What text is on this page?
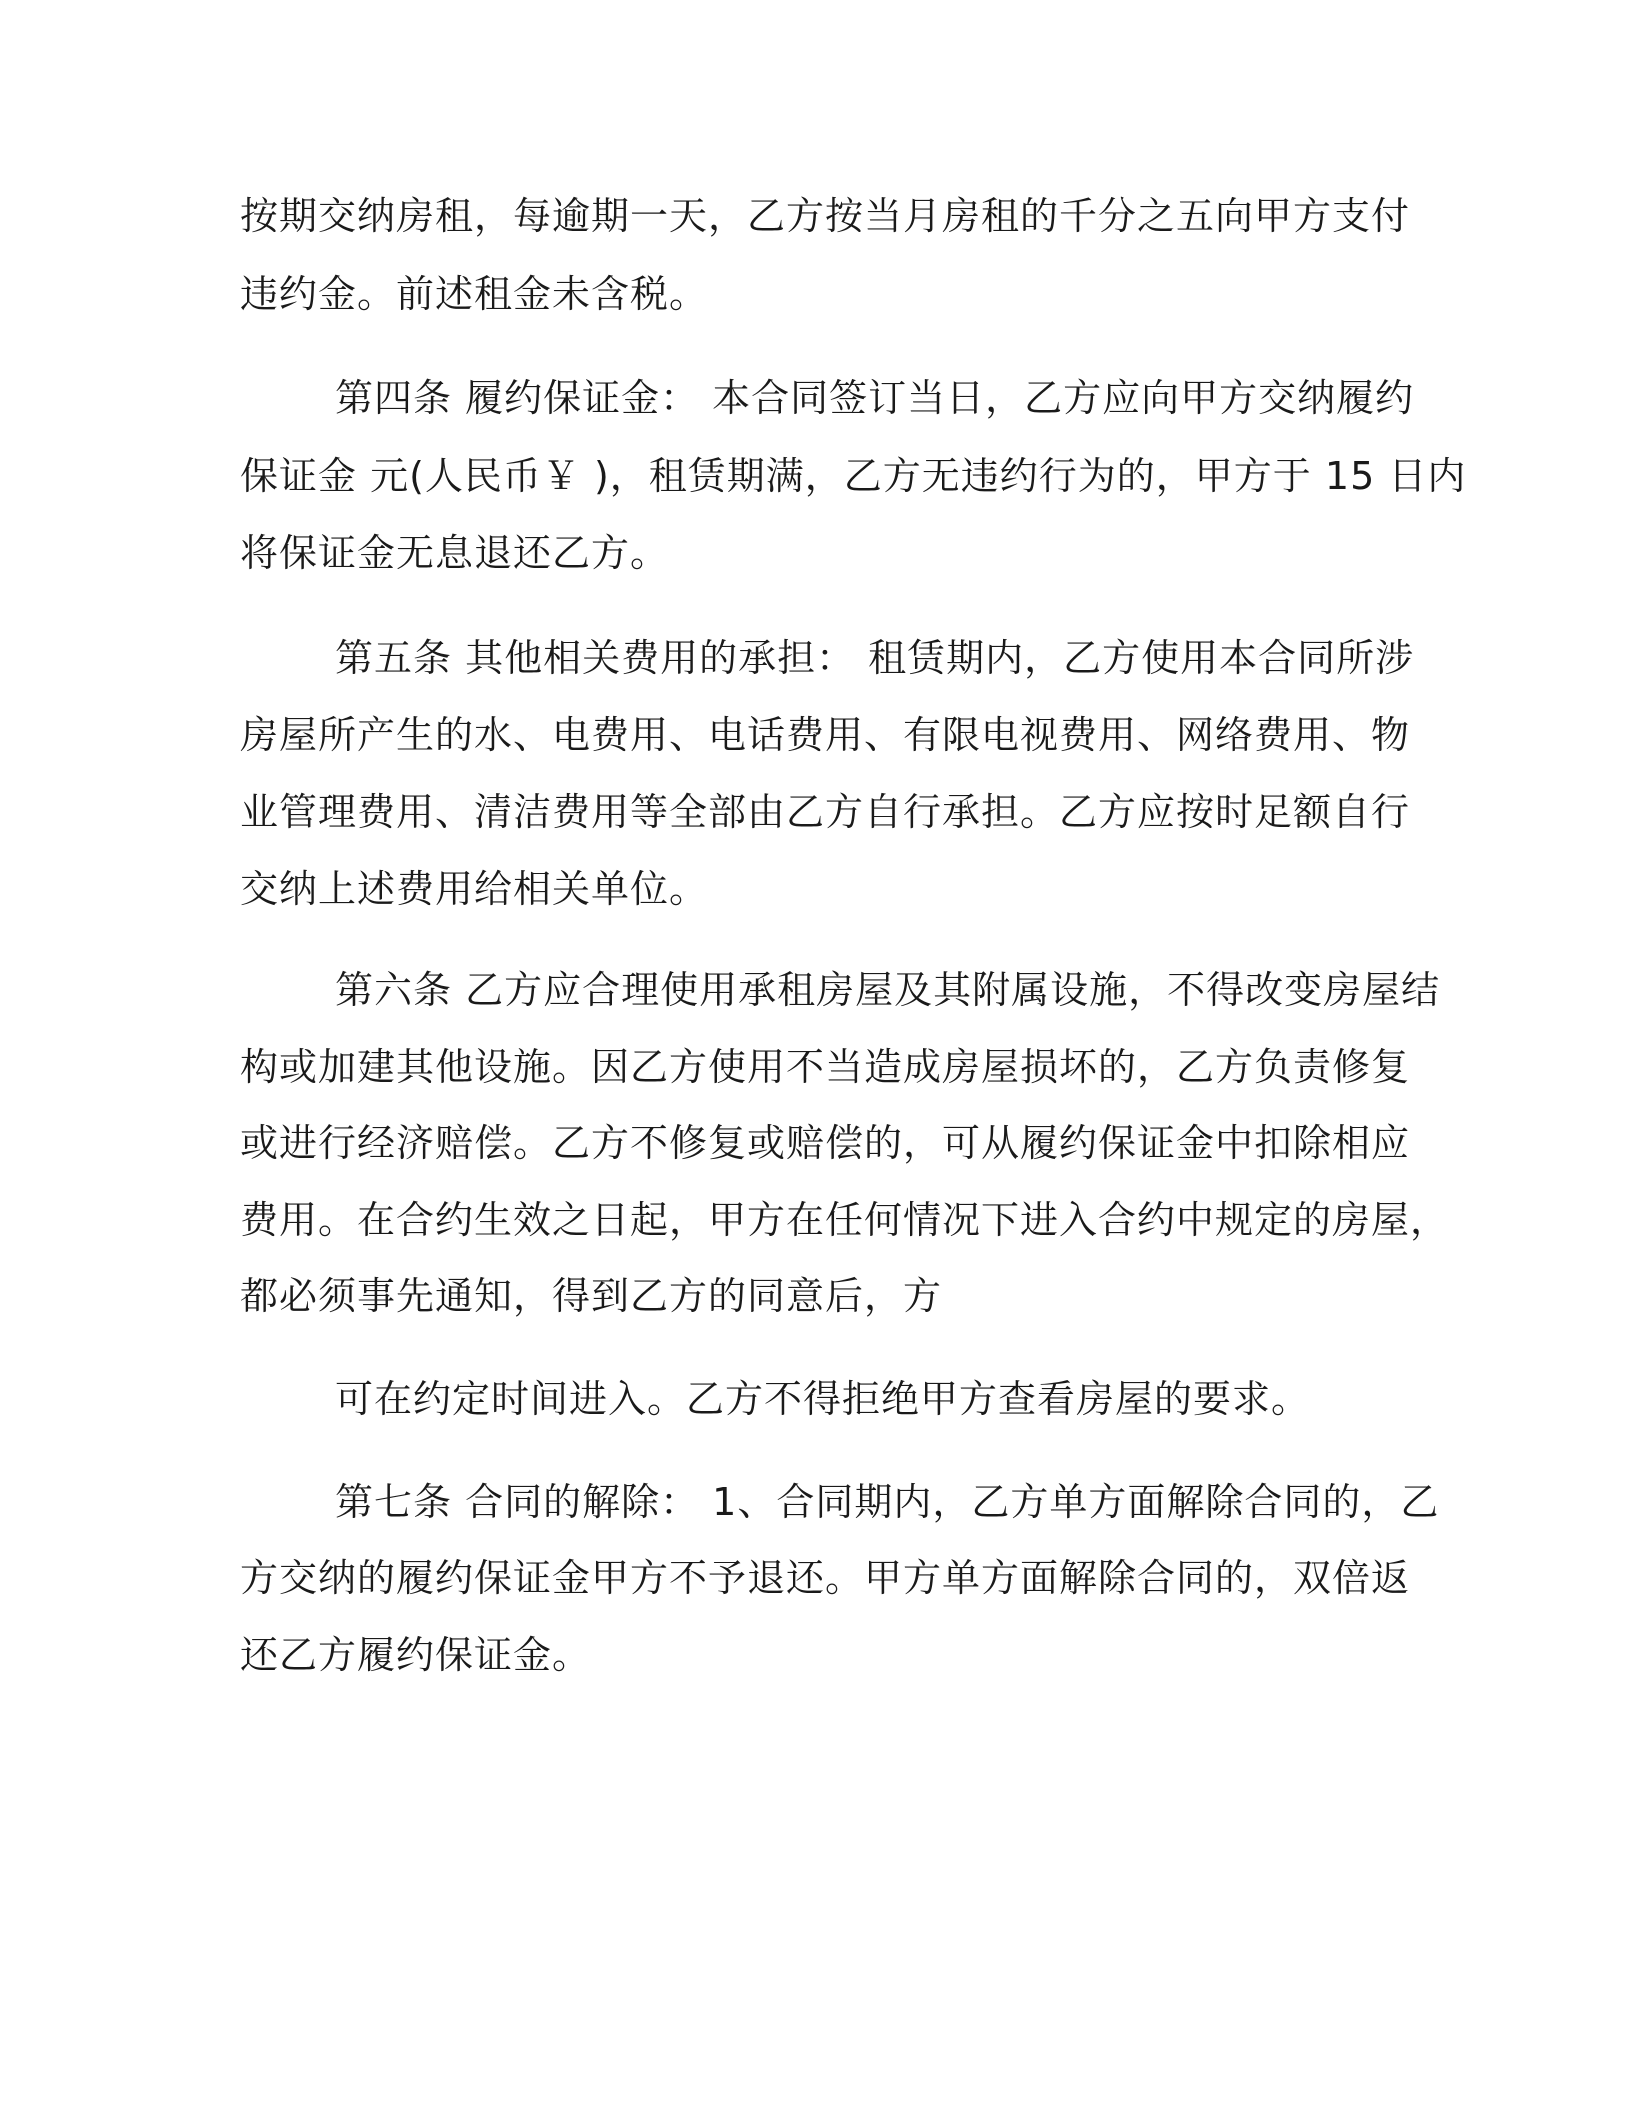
按期交纳房租，每逾期一天，乙方按当月房租的千分之五向甲方支付
违约金。前述租金未含税。
第四条 履约保证金： 本合同签订当日，乙方应向甲方交纳履约
保证金 元(人民币￥ )，租赁期满，乙方无违约行为的，甲方于 15 日内
将保证金无息退还乙方。
第五条 其他相关费用的承担： 租赁期内，乙方使用本合同所涉
房屋所产生的水、电费用、电话费用、有限电视费用、网络费用、物
业管理费用、清洁费用等全部由乙方自行承担。乙方应按时足额自行
交纳上述费用给相关单位。
第六条 乙方应合理使用承租房屋及其附属设施，不得改变房屋结
构或加建其他设施。因乙方使用不当造成房屋损坏的，乙方负责修复
或进行经济赔偿。乙方不修复或赔偿的，可从履约保证金中扣除相应
费用。在合约生效之日起，甲方在任何情况下进入合约中规定的房屋，
都必须事先通知，得到乙方的同意后，方
可在约定时间进入。乙方不得拒绝甲方查看房屋的要求。
第七条 合同的解除： 1、合同期内，乙方单方面解除合同的，乙
方交纳的履约保证金甲方不予退还。甲方单方面解除合同的，双倍返
还乙方履约保证金。
